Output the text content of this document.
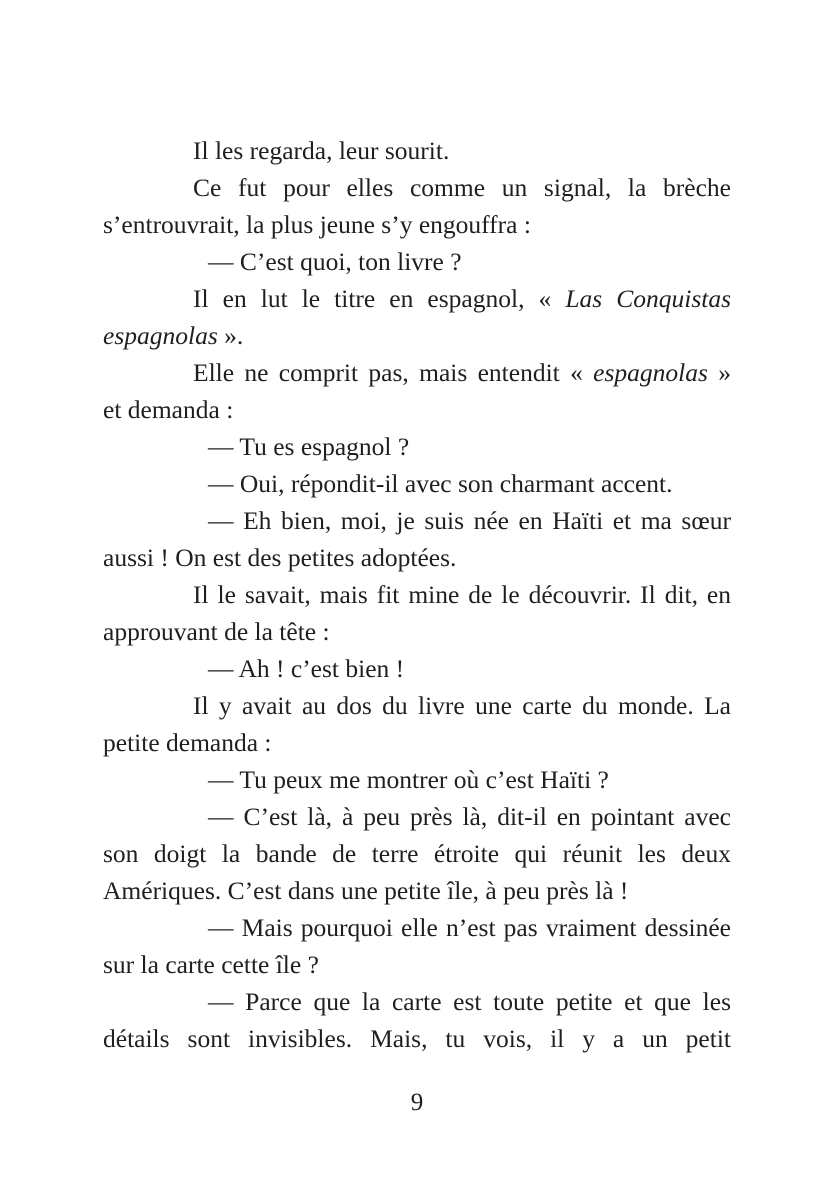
Il les regarda, leur sourit.
Ce fut pour elles comme un signal, la brèche
s’entrouvrait, la plus jeune s’y engouffra :
— C’est quoi, ton livre ?
Il en lut le titre en espagnol, « Las Conquistas
espagnolas ».
Elle ne comprit pas, mais entendit « espagnolas »
et demanda :
— Tu es espagnol ?
— Oui, répondit-il avec son charmant accent.
— Eh bien, moi, je suis née en Haïti et ma sœur
aussi ! On est des petites adoptées.
Il le savait, mais fit mine de le découvrir. Il dit, en
approuvant de la tête :
— Ah ! c’est bien !
Il y avait au dos du livre une carte du monde. La
petite demanda :
— Tu peux me montrer où c’est Haïti ?
— C’est là, à peu près là, dit-il en pointant avec
son doigt la bande de terre étroite qui réunit les deux
Amériques. C’est dans une petite île, à peu près là !
— Mais pourquoi elle n’est pas vraiment dessinée
sur la carte cette île ?
— Parce que la carte est toute petite et que les
détails sont invisibles. Mais, tu vois, il y a un petit
9
